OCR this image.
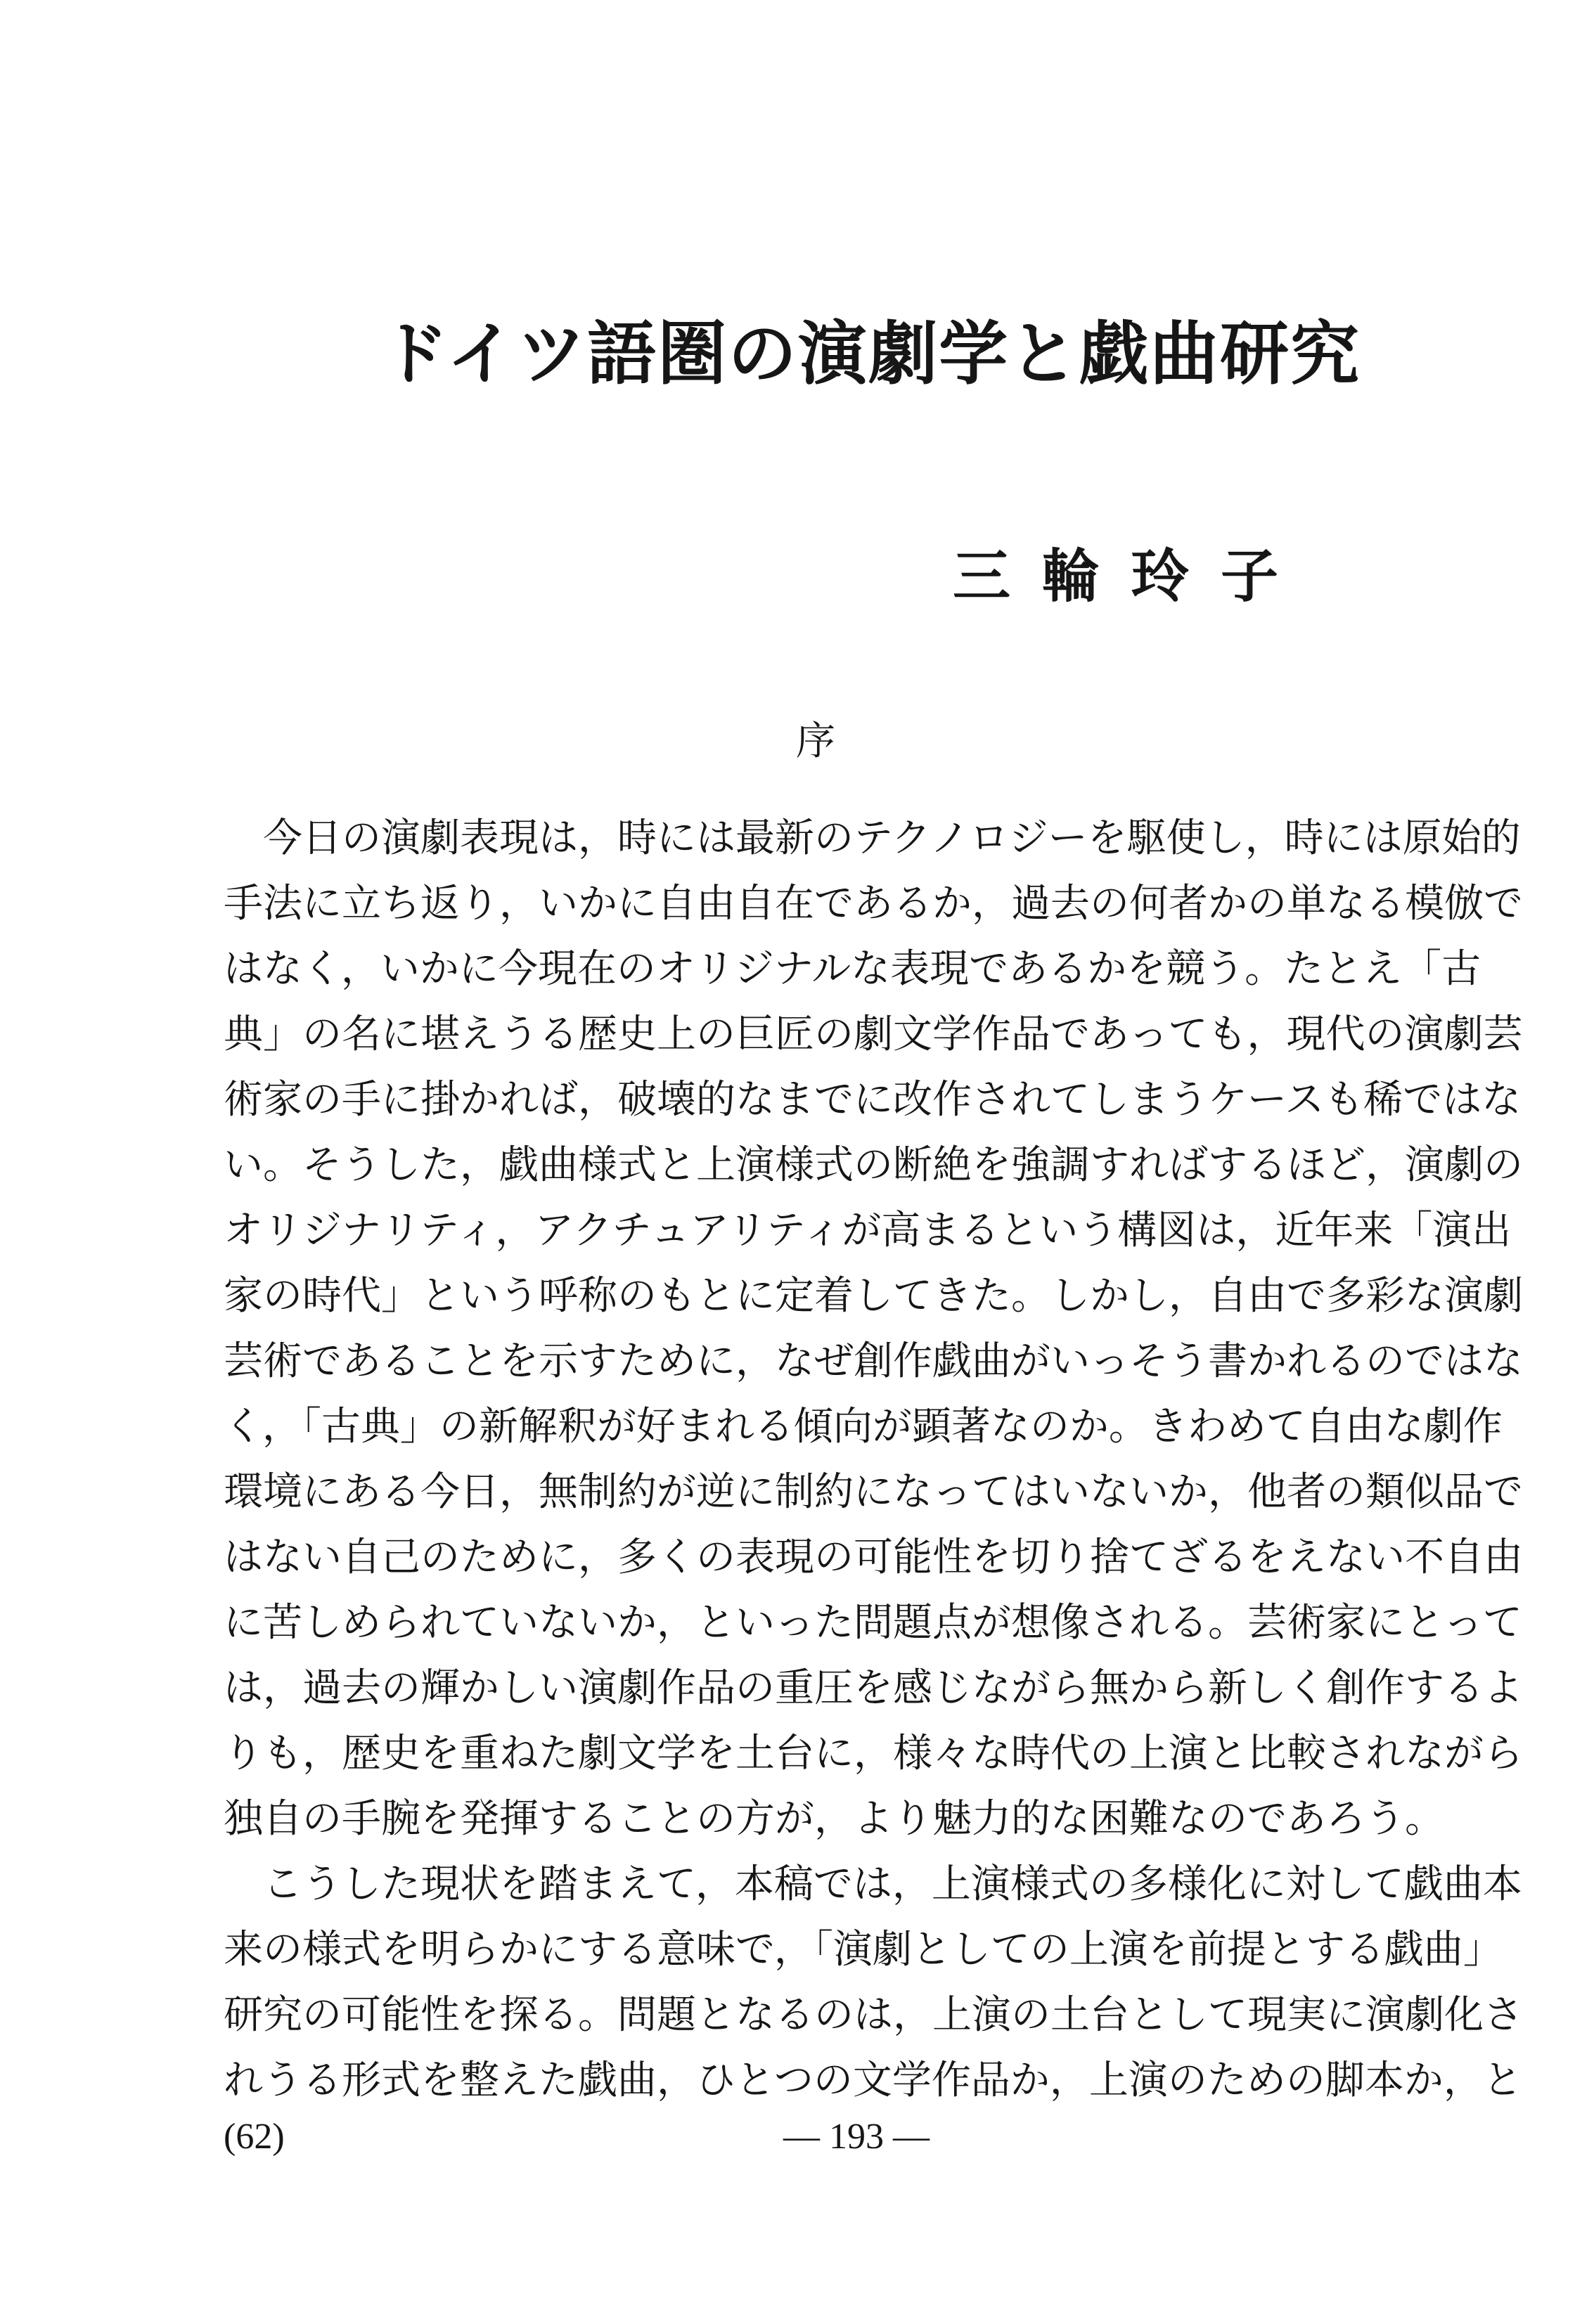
ドイツ語圏の演劇学と戯曲研究
三輪玲子
序
今日の演劇表現は，時には最新のテクノロジーを駆使し，時には原始的
手法に立ち返り，いかに自由自在であるか，過去の何者かの単なる模倣で
はなく，いかに今現在のオリジナルな表現であるかを競う。たとえ「古
典」の名に堪えうる歴史上の巨匠の劇文学作品であっても，現代の演劇芸
術家の手に掛かれば，破壊的なまでに改作されてしまうケースも稀ではな
い。そうした，戯曲様式と上演様式の断絶を強調すればするほど，演劇の
オリジナリティ，アクチュアリティが高まるという構図は，近年来「演出
家の時代」という呼称のもとに定着してきた。しかし，自由で多彩な演劇
芸術であることを示すために，なぜ創作戯曲がいっそう書かれるのではな
く，「古典」の新解釈が好まれる傾向が顕著なのか。きわめて自由な劇作
環境にある今日，無制約が逆に制約になってはいないか，他者の類似品で
はない自己のために，多くの表現の可能性を切り捨てざるをえない不自由
に苦しめられていないか，といった問題点が想像される。芸術家にとって
は，過去の輝かしい演劇作品の重圧を感じながら無から新しく創作するよ
りも，歴史を重ねた劇文学を土台に，様々な時代の上演と比較されながら
独自の手腕を発揮することの方が，より魅力的な困難なのであろう。
こうした現状を踏まえて，本稿では，上演様式の多様化に対して戯曲本
来の様式を明らかにする意味で，「演劇としての上演を前提とする戯曲」
研究の可能性を探る。問題となるのは，上演の土台として現実に演劇化さ
れうる形式を整えた戯曲，ひとつの文学作品か，上演のための脚本か，と
(62)	— 193 —
